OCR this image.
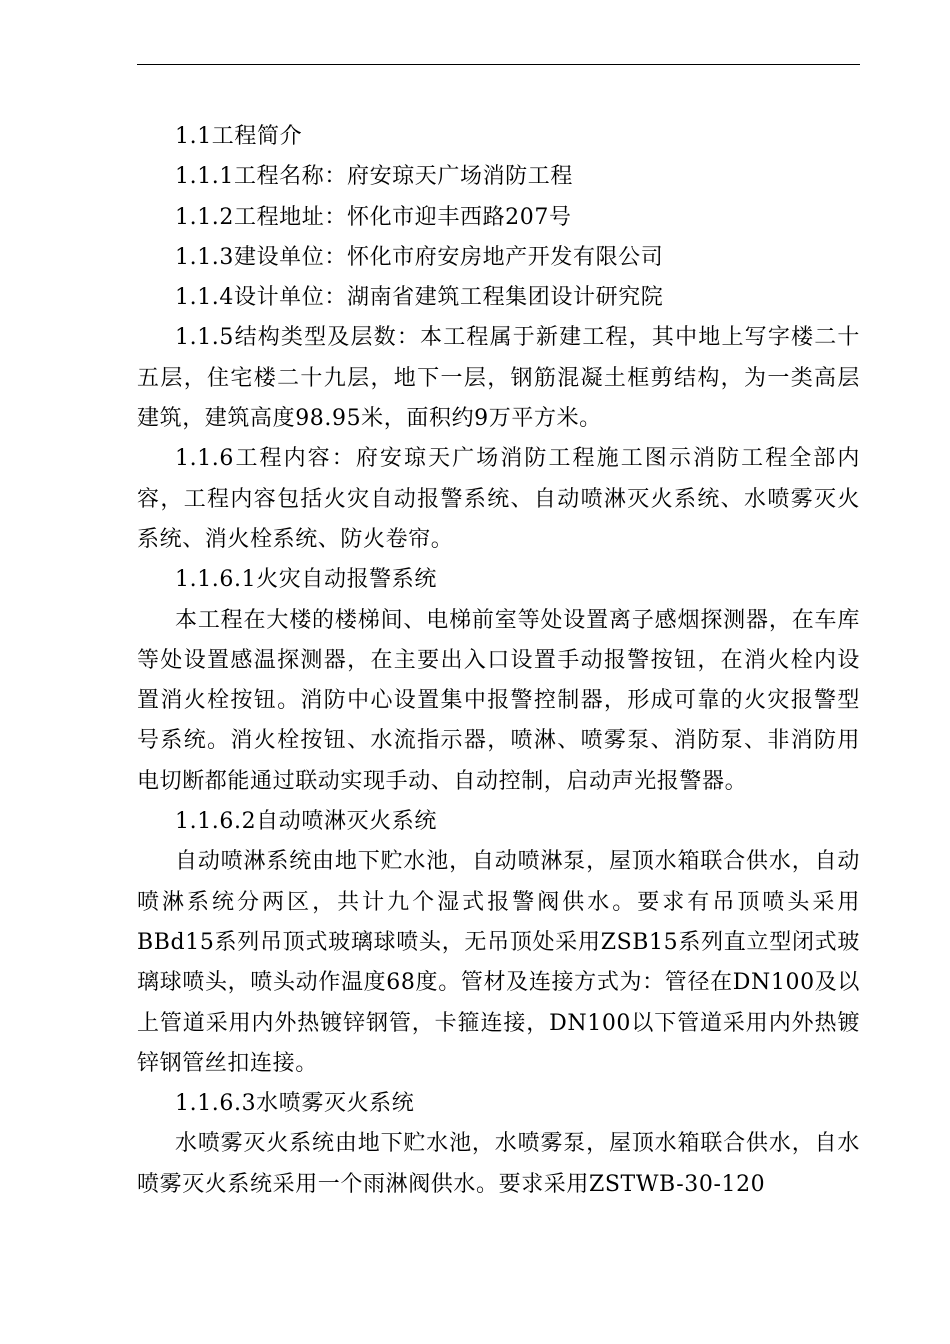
1.1工程简介

1.1.1工程名称：府安琼天广场消防工程

1.1.2工程地址：怀化市迎丰西路207号

1.1.3建设单位：怀化市府安房地产开发有限公司

1.1.4设计单位：湖南省建筑工程集团设计研究院

1.1.5结构类型及层数：本工程属于新建工程，其中地上写字楼二十五层，住宅楼二十九层，地下一层，钢筋混凝土框剪结构，为一类高层建筑，建筑高度98.95米，面积约9万平方米。

1.1.6工程内容：府安琼天广场消防工程施工图示消防工程全部内容，工程内容包括火灾自动报警系统、自动喷淋灭火系统、水喷雾灭火系统、消火栓系统、防火卷帘。

1.1.6.1火灾自动报警系统

本工程在大楼的楼梯间、电梯前室等处设置离子感烟探测器，在车库等处设置感温探测器，在主要出入口设置手动报警按钮，在消火栓内设置消火栓按钮。消防中心设置集中报警控制器，形成可靠的火灾报警型号系统。消火栓按钮、水流指示器，喷淋、喷雾泵、消防泵、非消防用电切断都能通过联动实现手动、自动控制，启动声光报警器。

1.1.6.2自动喷淋灭火系统

自动喷淋系统由地下贮水池，自动喷淋泵，屋顶水箱联合供水，自动喷淋系统分两区，共计九个湿式报警阀供水。要求有吊顶喷头采用BBd15系列吊顶式玻璃球喷头，无吊顶处采用ZSB15系列直立型闭式玻璃球喷头，喷头动作温度68度。管材及连接方式为：管径在DN100及以上管道采用内外热镀锌钢管，卡箍连接，DN100以下管道采用内外热镀锌钢管丝扣连接。

1.1.6.3水喷雾灭火系统

水喷雾灭火系统由地下贮水池，水喷雾泵，屋顶水箱联合供水，自水喷雾灭火系统采用一个雨淋阀供水。要求采用ZSTWB-30-120
